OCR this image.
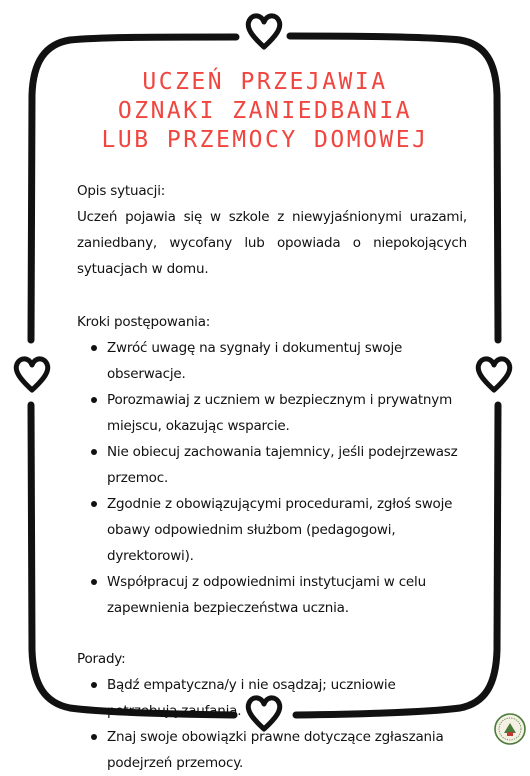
UCZEŃ PRZEJAWIA
OZNAKI ZANIEDBANIA
LUB PRZEMOCY DOMOWEJ

Opis sytuacji:

Uczeń pojawia się w szkole z niewyjaśnionymi urazami, zaniedbany, wycofany lub opowiada o niepokojących sytuacjach w domu.

Kroki postępowania:

Zwróć uwagę na sygnały i dokumentuj swoje obserwacje.
Porozmawiaj z uczniem w bezpiecznym i prywatnym miejscu, okazując wsparcie.
Nie obiecuj zachowania tajemnicy, jeśli podejrzewasz przemoc.
Zgodnie z obowiązującymi procedurami, zgłoś swoje obawy odpowiednim służbom (pedagogowi, dyrektorowi).
Współpracuj z odpowiednimi instytucjami w celu zapewnienia bezpieczeństwa ucznia.

Porady:

Bądź empatyczna/y i nie osądzaj; uczniowie potrzebują zaufania.
Znaj swoje obowiązki prawne dotyczące zgłaszania podejrzeń przemocy.
